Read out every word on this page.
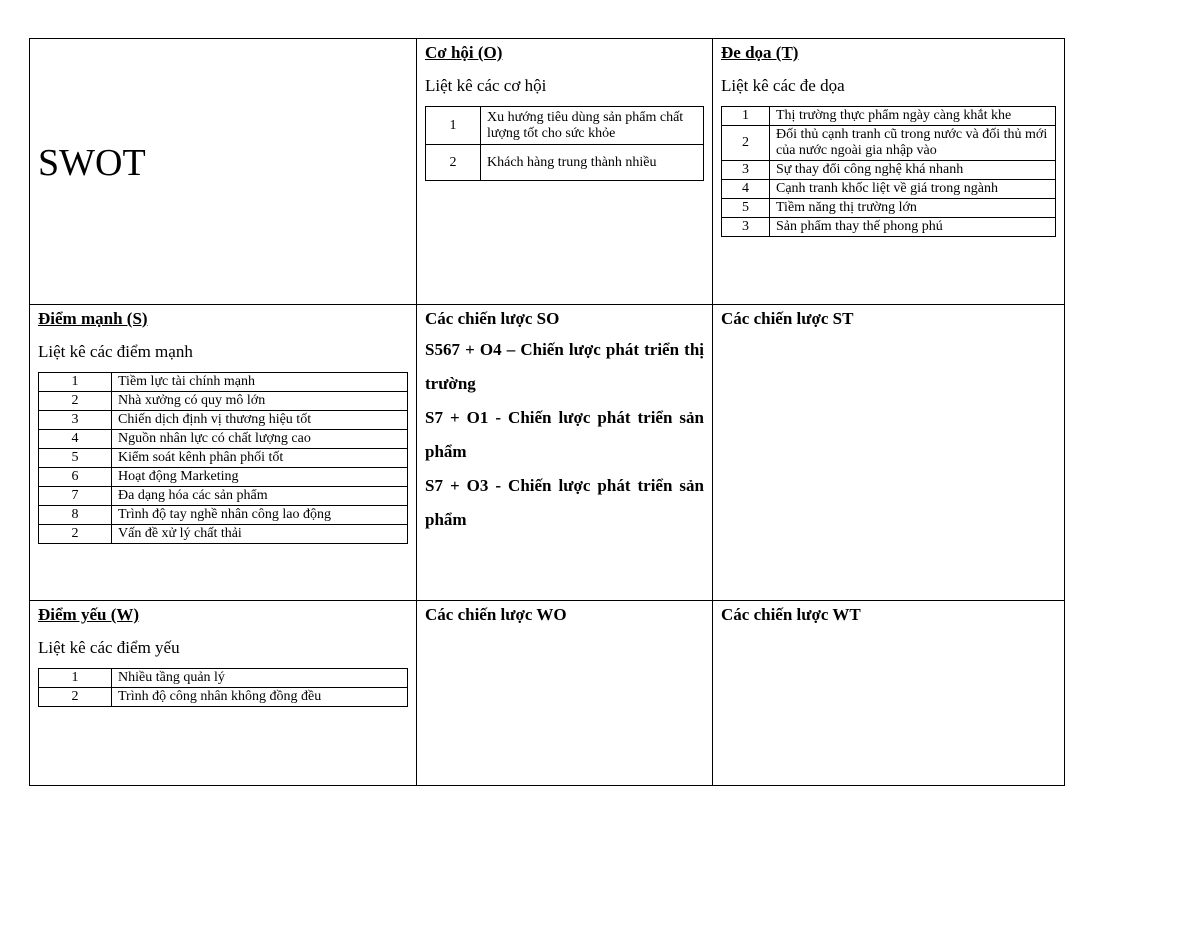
SWOT

Cơ hội (O)
Liệt kê các cơ hội
1	Xu hướng tiêu dùng sản phẩm chất lượng tốt cho sức khỏe
2	Khách hàng trung thành nhiều

Đe dọa (T)
Liệt kê các đe dọa
1	Thị trường thực phẩm ngày càng khắt khe
2	Đối thủ cạnh tranh cũ trong nước và đối thủ mới của nước ngoài gia nhập vào
3	Sự thay đổi công nghệ khá nhanh
4	Cạnh tranh khốc liệt về giá trong ngành
5	Tiềm năng thị trường lớn
3	Sản phẩm thay thế phong phú

Điểm mạnh (S)
Liệt kê các điểm mạnh
1	Tiềm lực tài chính mạnh
2	Nhà xưởng có quy mô lớn
3	Chiến dịch định vị thương hiệu tốt
4	Nguồn nhân lực có chất lượng cao
5	Kiểm soát kênh phân phối tốt
6	Hoạt động Marketing
7	Đa dạng hóa các sản phẩm
8	Trình độ tay nghề nhân công lao động
2	Vấn đề xử lý chất thải

Các chiến lược SO

S567 + O4 – Chiến lược phát triển thị trường

S7 + O1 - Chiến lược phát triển sản phẩm

S7 + O3 - Chiến lược phát triển sản phẩm

Các chiến lược ST

Điểm yếu (W)
Liệt kê các điểm yếu
1	Nhiều tầng quản lý
2	Trình độ công nhân không đồng đều

Các chiến lược WO	Các chiến lược WT
